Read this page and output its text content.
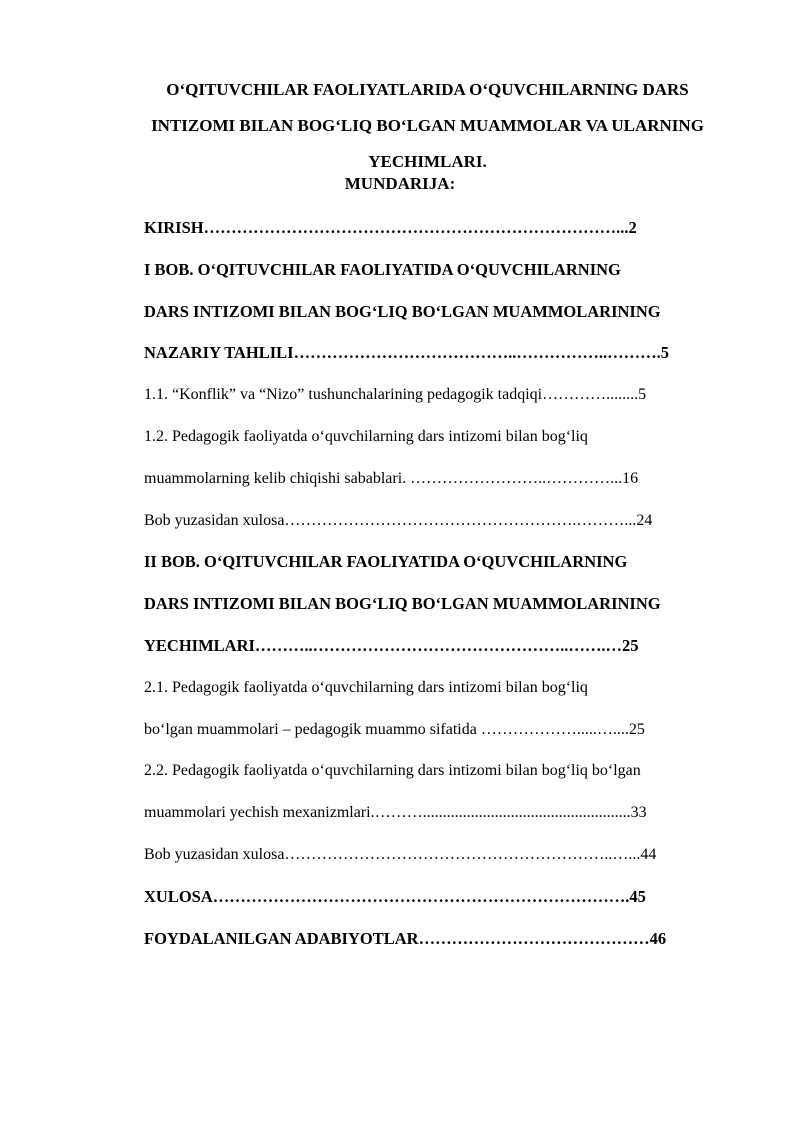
O‘QITUVCHILAR FAOLIYATLARIDA O‘QUVCHILARNING DARS
INTIZOMI BILAN BOG‘LIQ BO‘LGAN MUAMMOLAR VA ULARNING
YECHIMLARI.
MUNDARIJA:
KIRISH…………………………………………………………………...2
I BOB. O‘QITUVCHILAR FAOLIYATIDA O‘QUVCHILARNING
DARS INTIZOMI BILAN BOG‘LIQ BO‘LGAN MUAMMOLARINING
NAZARIY TAHLILI…………………………………..……………..……….5
1.1. “Konflik” va “Nizo” tushunchalarining pedagogik tadqiqi…………........5
1.2. Pedagogik faoliyatda o‘quvchilarning dars intizomi bilan bog‘liq
muammolarning kelib chiqishi sabablari. ……………………..…………...16
Bob yuzasidan xulosa……………………………………………….………...24
II BOB. O‘QITUVCHILAR FAOLIYATIDA O‘QUVCHILARNING
DARS INTIZOMI BILAN BOG‘LIQ BO‘LGAN MUAMMOLARINING
YECHIMLARI………..………………………………………..…….…25
2.1. Pedagogik faoliyatda o‘quvchilarning dars intizomi bilan bog‘liq
bo‘lgan muammolari – pedagogik muammo sifatida ……………….....…....25
2.2. Pedagogik faoliyatda o‘quvchilarning dars intizomi bilan bog‘liq bo‘lgan
muammolari yechish mexanizmlari.………....................................................33
Bob yuzasidan xulosa……………………………………………………..…...44
XULOSA………………………………………………………………….45
FOYDALANILGAN ADABIYOTLAR……………………………………46
